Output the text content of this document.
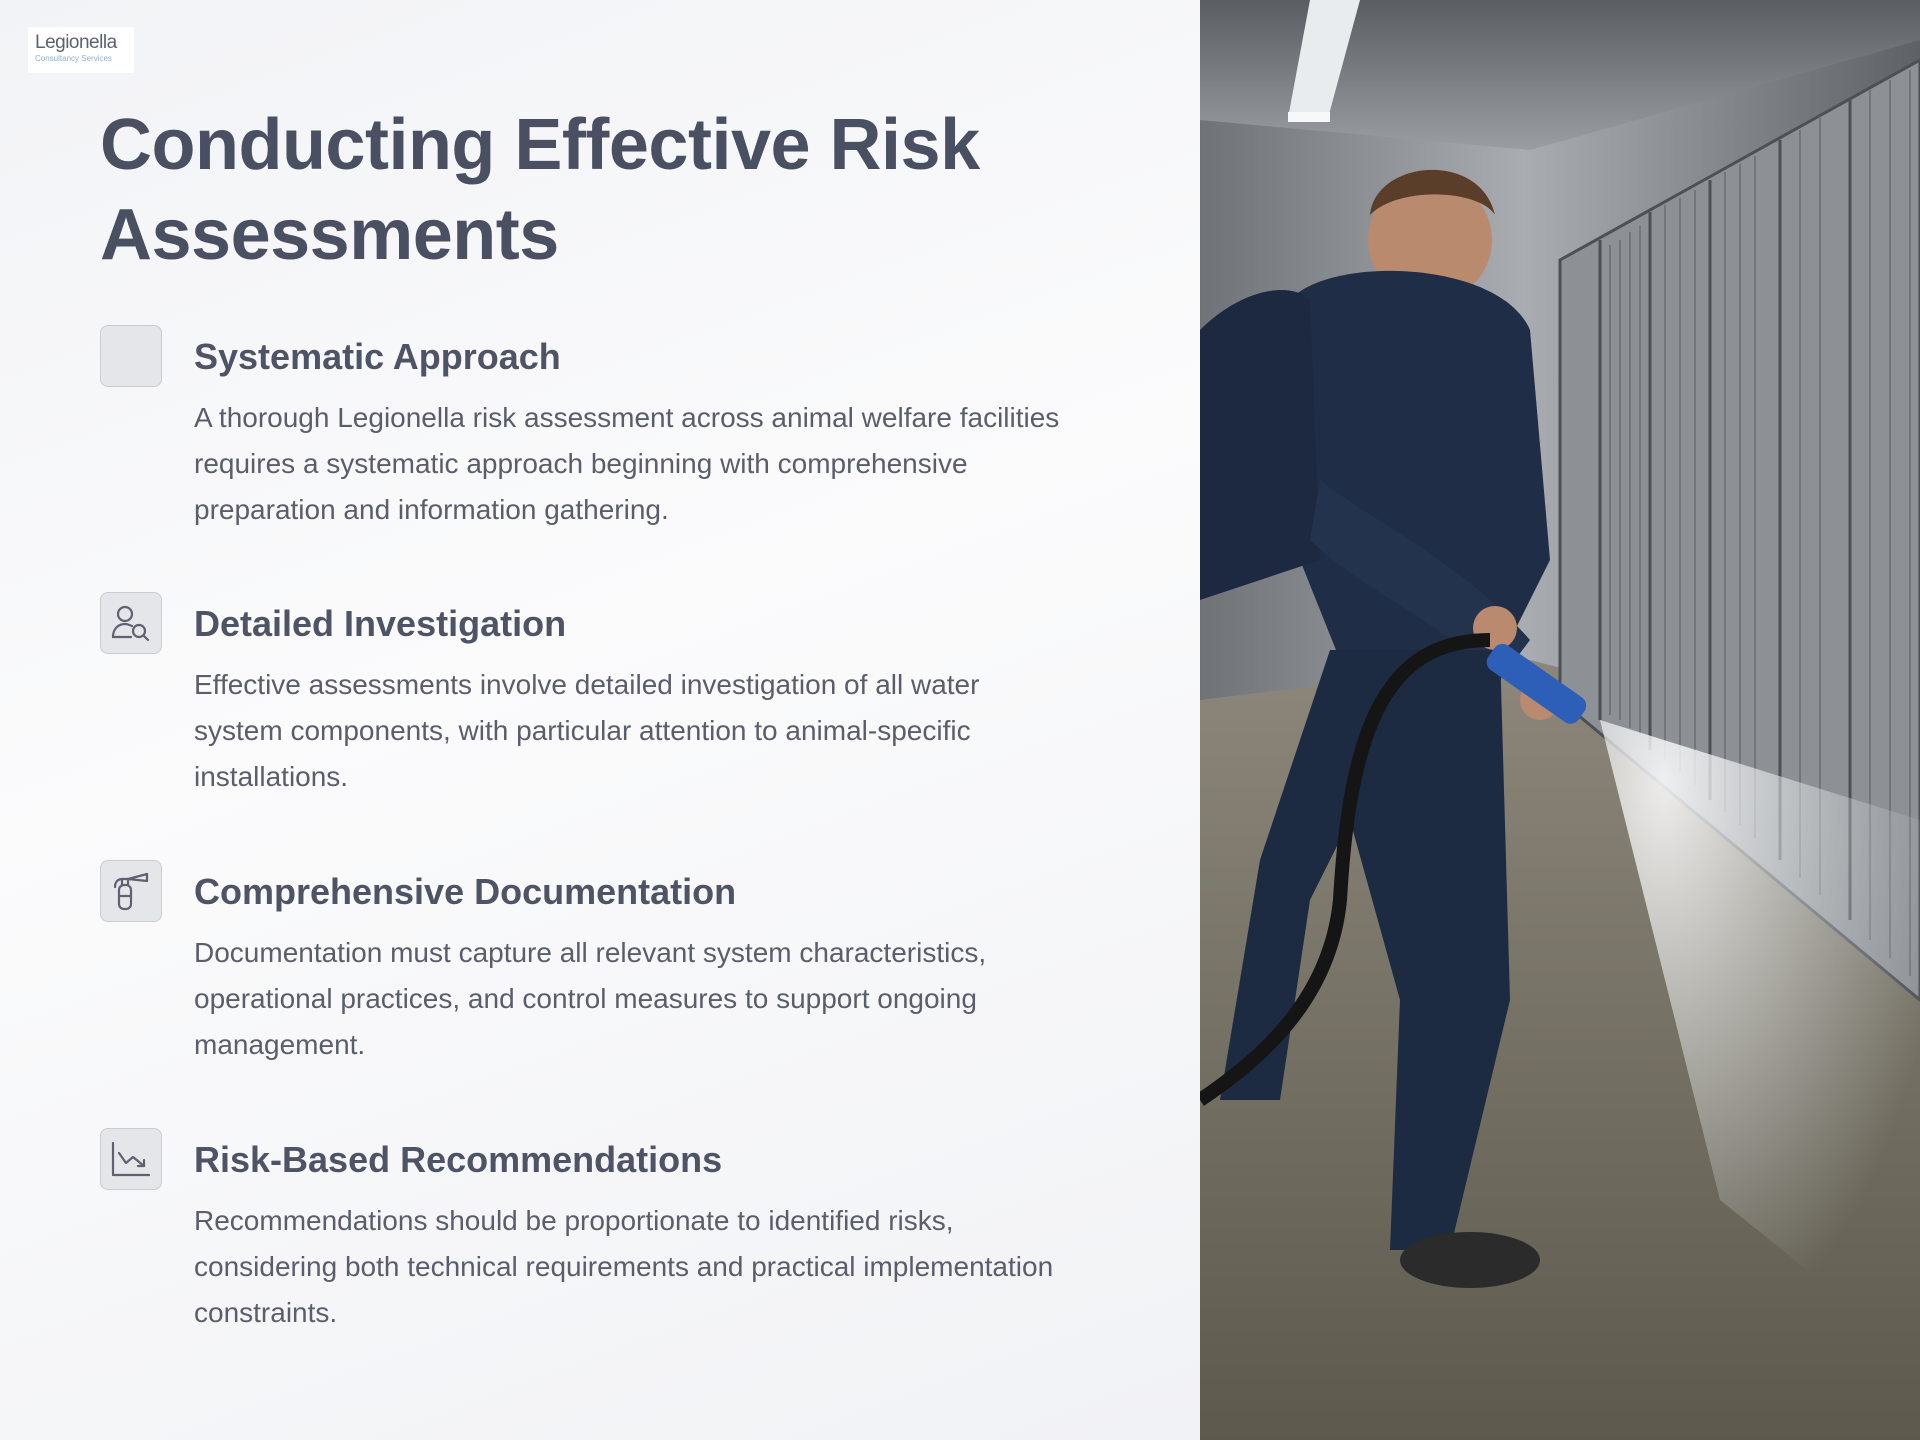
Legionella
Consultancy Services
Conducting Effective Risk Assessments
Systematic Approach

A thorough Legionella risk assessment across animal welfare facilities requires a systematic approach beginning with comprehensive preparation and information gathering.

Detailed Investigation

Effective assessments involve detailed investigation of all water system components, with particular attention to animal-specific installations.

Comprehensive Documentation

Documentation must capture all relevant system characteristics, operational practices, and control measures to support ongoing management.

Risk-Based Recommendations

Recommendations should be proportionate to identified risks, considering both technical requirements and practical implementation constraints.
